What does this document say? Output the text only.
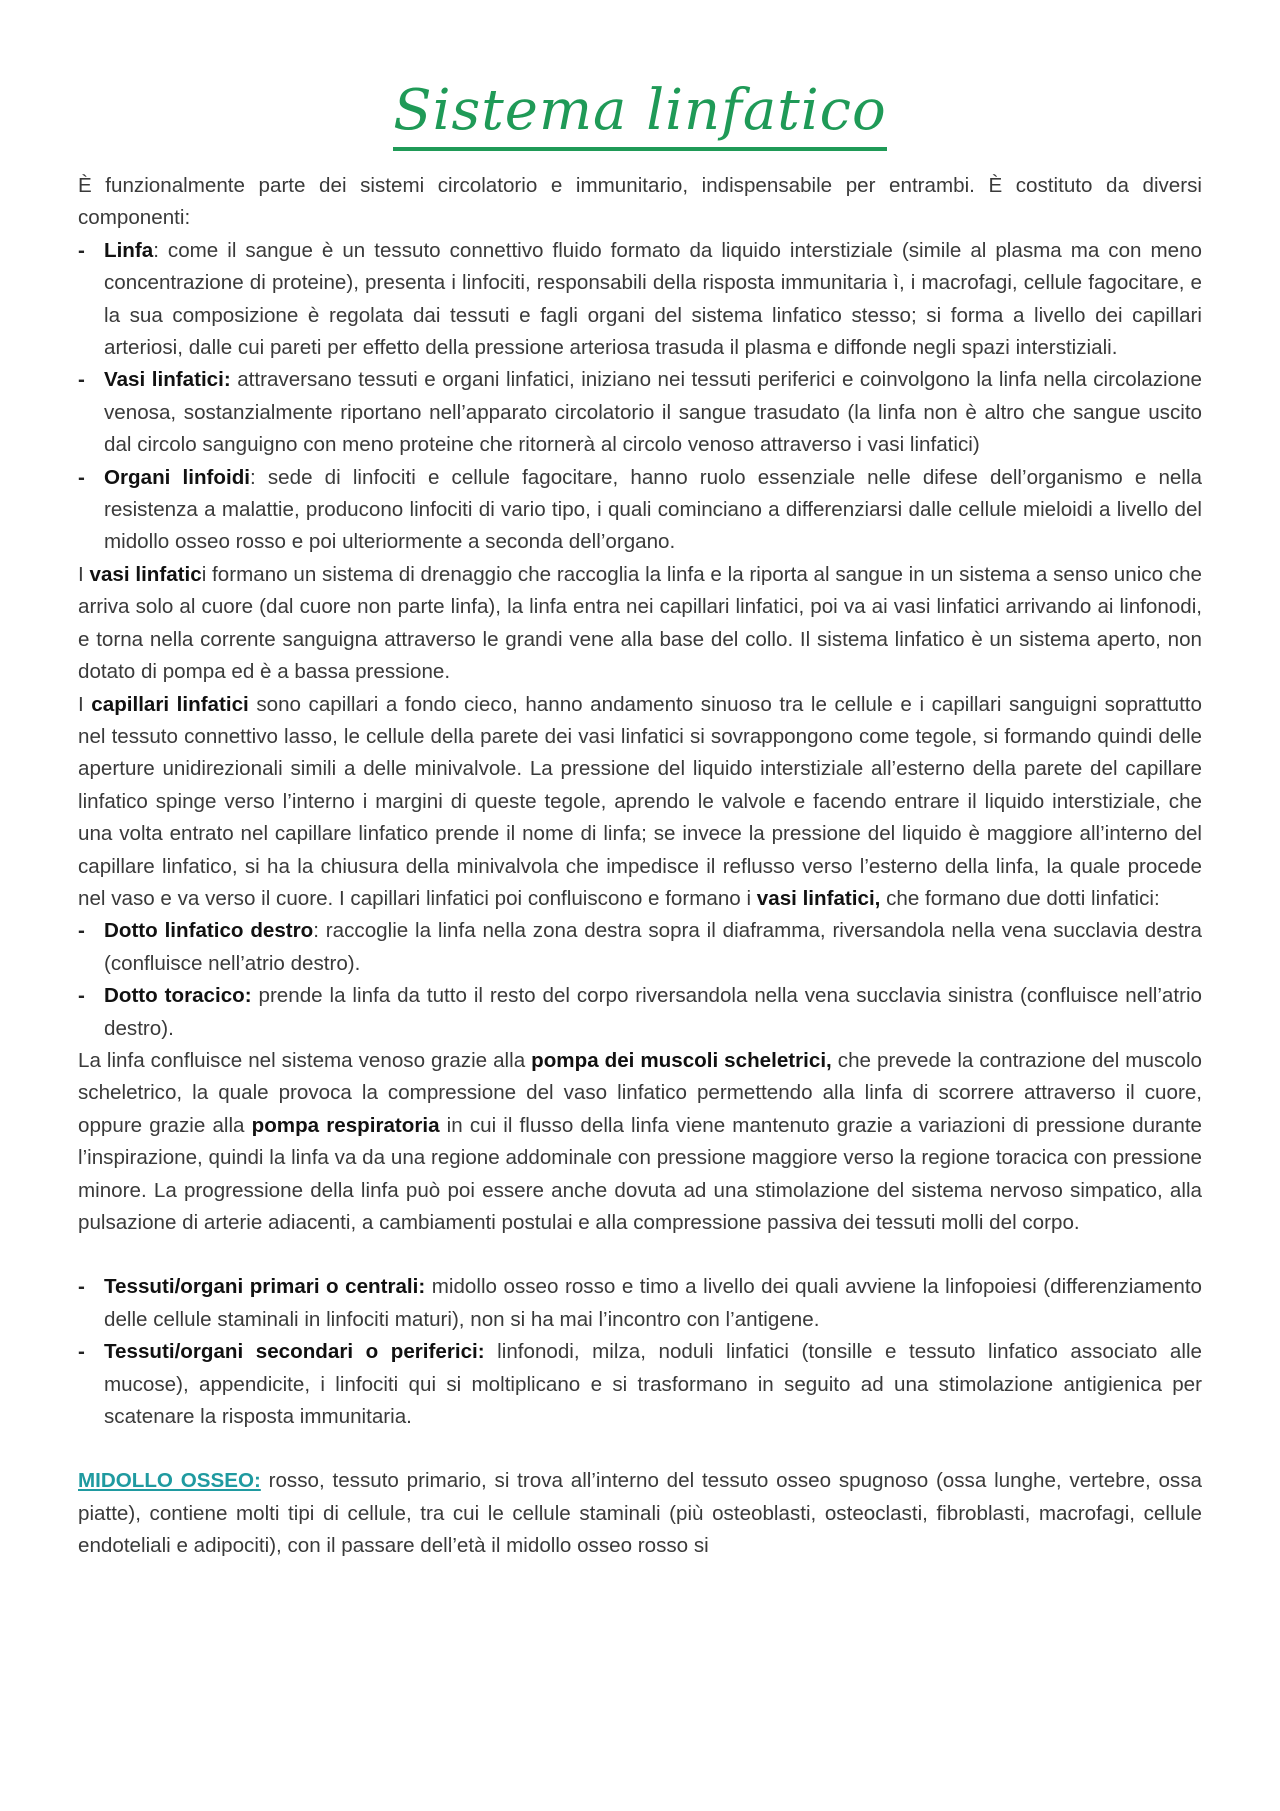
Sistema linfatico

È funzionalmente parte dei sistemi circolatorio e immunitario, indispensabile per entrambi. È costituto da diversi componenti:

- Linfa: come il sangue è un tessuto connettivo fluido formato da liquido interstiziale (simile al plasma ma con meno concentrazione di proteine), presenta i linfociti, responsabili della risposta immunitaria ì, i macrofagi, cellule fagocitare, e la sua composizione è regolata dai tessuti e fagli organi del sistema linfatico stesso; si forma a livello dei capillari arteriosi, dalle cui pareti per effetto della pressione arteriosa trasuda il plasma e diffonde negli spazi interstiziali.
- Vasi linfatici: attraversano tessuti e organi linfatici, iniziano nei tessuti periferici e coinvolgono la linfa nella circolazione venosa, sostanzialmente riportano nell’apparato circolatorio il sangue trasudato (la linfa non è altro che sangue uscito dal circolo sanguigno con meno proteine che ritornerà al circolo venoso attraverso i vasi linfatici)
- Organi linfoidi: sede di linfociti e cellule fagocitare, hanno ruolo essenziale nelle difese dell’organismo e nella resistenza a malattie, producono linfociti di vario tipo, i quali cominciano a differenziarsi dalle cellule mieloidi a livello del midollo osseo rosso e poi ulteriormente a seconda dell’organo.

I vasi linfatici formano un sistema di drenaggio che raccoglia la linfa e la riporta al sangue in un sistema a senso unico che arriva solo al cuore (dal cuore non parte linfa), la linfa entra nei capillari linfatici, poi va ai vasi linfatici arrivando ai linfonodi, e torna nella corrente sanguigna attraverso le grandi vene alla base del collo. Il sistema linfatico è un sistema aperto, non dotato di pompa ed è a bassa pressione.

I capillari linfatici sono capillari a fondo cieco, hanno andamento sinuoso tra le cellule e i capillari sanguigni soprattutto nel tessuto connettivo lasso, le cellule della parete dei vasi linfatici si sovrappongono come tegole, si formando quindi delle aperture unidirezionali simili a delle minivalvole. La pressione del liquido interstiziale all’esterno della parete del capillare linfatico spinge verso l’interno i margini di queste tegole, aprendo le valvole e facendo entrare il liquido interstiziale, che una volta entrato nel capillare linfatico prende il nome di linfa; se invece la pressione del liquido è maggiore all’interno del capillare linfatico, si ha la chiusura della minivalvola che impedisce il reflusso verso l’esterno della linfa, la quale procede nel vaso e va verso il cuore. I capillari linfatici poi confluiscono e formano i vasi linfatici, che formano due dotti linfatici:

- Dotto linfatico destro: raccoglie la linfa nella zona destra sopra il diaframma, riversandola nella vena succlavia destra (confluisce nell’atrio destro).
- Dotto toracico: prende la linfa da tutto il resto del corpo riversandola nella vena succlavia sinistra (confluisce nell’atrio destro).

La linfa confluisce nel sistema venoso grazie alla pompa dei muscoli scheletrici, che prevede la contrazione del muscolo scheletrico, la quale provoca la compressione del vaso linfatico permettendo alla linfa di scorrere attraverso il cuore, oppure grazie alla pompa respiratoria in cui il flusso della linfa viene mantenuto grazie a variazioni di pressione durante l’inspirazione, quindi la linfa va da una regione addominale con pressione maggiore verso la regione toracica con pressione minore. La progressione della linfa può poi essere anche dovuta ad una stimolazione del sistema nervoso simpatico, alla pulsazione di arterie adiacenti, a cambiamenti postulai e alla compressione passiva dei tessuti molli del corpo.

- Tessuti/organi primari o centrali: midollo osseo rosso e timo a livello dei quali avviene la linfopoiesi (differenziamento delle cellule staminali in linfociti maturi), non si ha mai l’incontro con l’antigene.
- Tessuti/organi secondari o periferici: linfonodi, milza, noduli linfatici (tonsille e tessuto linfatico associato alle mucose), appendicite, i linfociti qui si moltiplicano e si trasformano in seguito ad una stimolazione antigienica per scatenare la risposta immunitaria.

MIDOLLO OSSEO: rosso, tessuto primario, si trova all’interno del tessuto osseo spugnoso (ossa lunghe, vertebre, ossa piatte), contiene molti tipi di cellule, tra cui le cellule staminali (più osteoblasti, osteoclasti, fibroblasti, macrofagi, cellule endoteliali e adipociti), con il passare dell’età il midollo osseo rosso si
